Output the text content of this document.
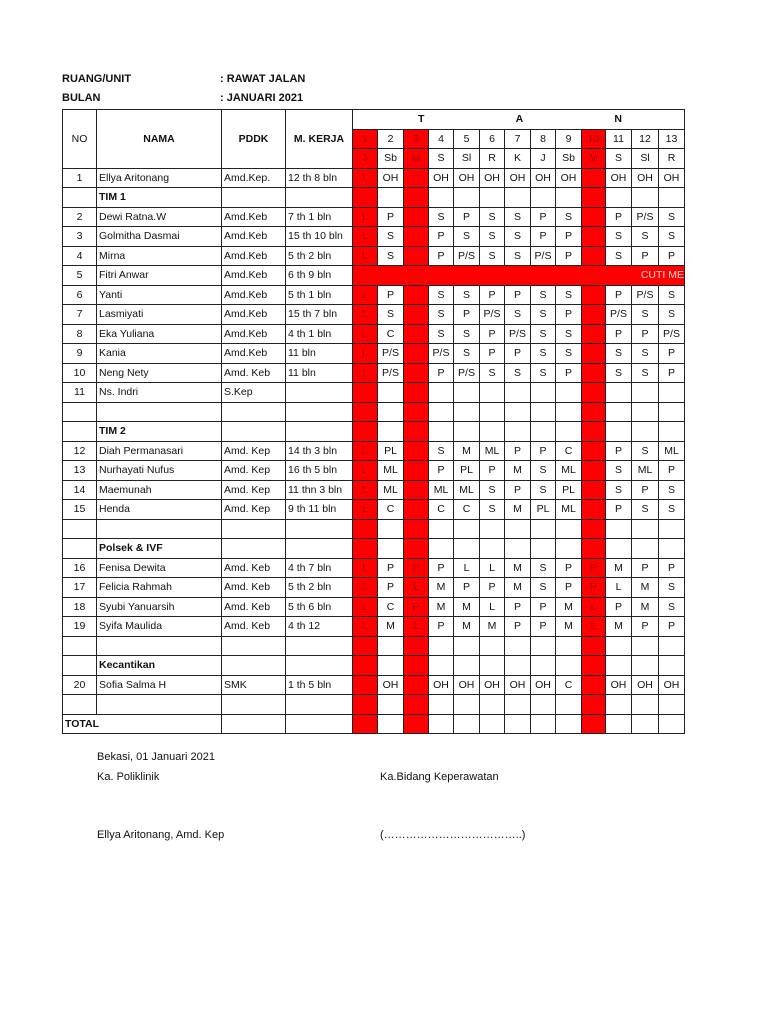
RUANG/UNIT	: RAWAT JALAN
BULAN	: JANUARI 2021
NO	NAMA	PDDK	M. KERJA	T A N												

				1	2	3	4	5	6	7	8	9	10	11	12	13
				J	Sb	M	S	Sl	R	K	J	Sb	M	S	Sl	R
1	Ellya Aritonang	Amd.Kep.	12 th 8 bln	L	OH		OH	OH	OH	OH	OH	OH		OH	OH	OH
	TIM 1															
2	Dewi Ratna.W	Amd.Keb	7 th 1 bln	L	P		S	P	S	S	P	S		P	P/S	S
3	Golmitha Dasmai	Amd.Keb	15 th 10 bln	L	S		P	S	S	S	P	P		S	S	S
4	Mirna	Amd.Keb	5 th 2 bln	L	S		P	P/S	S	S	P/S	P		S	P	P
5	Fitri Anwar	Amd.Keb	6 th 9 bln	CUTI ME												
6	Yanti	Amd.Keb	5 th 1 bln	L	P		S	S	P	P	S	S		P	P/S	S
7	Lasmiyati	Amd.Keb	15 th 7 bln	L	S		S	P	P/S	S	S	P		P/S	S	S
8	Eka Yuliana	Amd.Keb	4 th 1 bln	L	C		S	S	P	P/S	S	S		P	P	P/S
9	Kania	Amd.Keb	11 bln	L	P/S		P/S	S	P	P	S	S		S	S	P
10	Neng Nety	Amd. Keb	11 bln	L	P/S		P	P/S	S	S	S	P		S	S	P
11	Ns. Indri	S.Kep														

	TIM 2															
12	Diah Permanasari	Amd. Kep	14 th 3 bln	L	PL		S	M	ML	P	P	C		P	S	ML
13	Nurhayati Nufus	Amd. Kep	16 th 5 bln	L	ML		P	PL	P	M	S	ML		S	ML	P
14	Maemunah	Amd. Kep	11 thn 3 bln	L	ML		ML	ML	S	P	S	PL		S	P	S
15	Henda	Amd. Kep	9 th 11 bln	L	C		C	C	S	M	PL	ML		P	S	S

	Polsek & IVF															
16	Fenisa Dewita	Amd. Keb	4 th 7 bln	L	P	P	P	L	L	M	S	P	P	M	P	P
17	Felicia Rahmah	Amd. Keb	5 th 2 bln	L	P	L	M	P	P	M	S	P	P	L	M	S
18	Syubi Yanuarsih	Amd. Keb	5 th 6 bln	L	C	P	M	M	L	P	P	M	L	P	M	S
19	Syifa Maulida	Amd. Keb	4 th 12	L	M	L	P	M	M	P	P	M	L	M	P	P

	Kecantikan															
20	Sofia Salma H	SMK	1 th 5 bln		OH		OH	OH	OH	OH	OH	C		OH	OH	OH

TOTAL																
Bekasi, 01 Januari 2021
Ka. Poliklinik	Ka.Bidang Keperawatan
Ellya Aritonang, Amd. Kep	(………………………………..)
